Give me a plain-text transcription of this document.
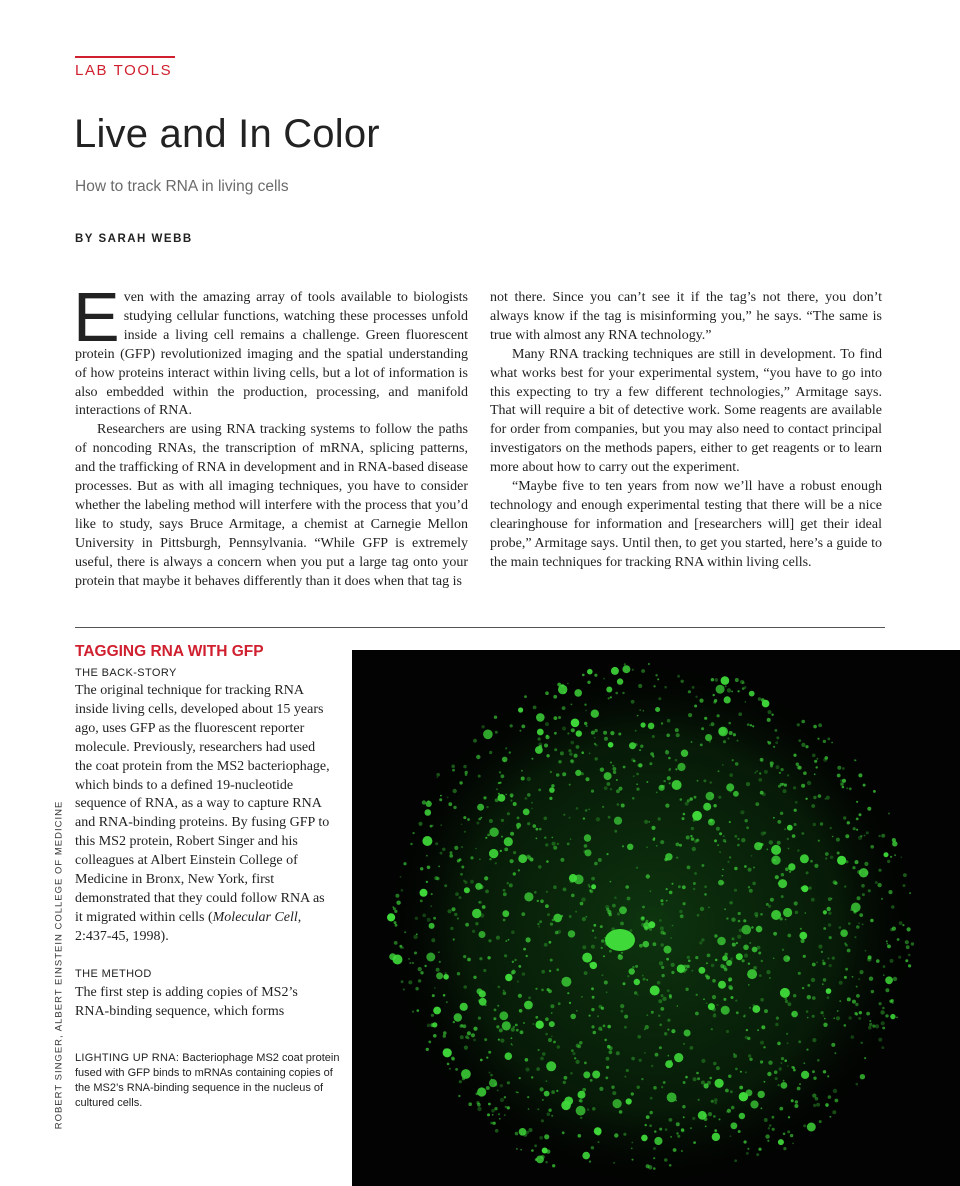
LAB TOOLS
Live and In Color
How to track RNA in living cells
BY SARAH WEBB

Even with the amazing array of tools available to biologists studying cellular functions, watching these processes unfold inside a living cell remains a challenge. Green fluorescent protein (GFP) revolutionized imaging and the spatial understanding of how proteins interact within living cells, but a lot of information is also embedded within the production, processing, and manifold interactions of RNA.

Researchers are using RNA tracking systems to follow the paths of noncoding RNAs, the transcription of mRNA, splicing patterns, and the trafficking of RNA in development and in RNA-based disease processes. But as with all imaging techniques, you have to consider whether the labeling method will interfere with the process that you’d like to study, says Bruce Armitage, a chemist at Carnegie Mellon University in Pittsburgh, Pennsylvania. “While GFP is extremely useful, there is always a concern when you put a large tag onto your protein that maybe it behaves differently than it does when that tag is

not there. Since you can’t see it if the tag’s not there, you don’t always know if the tag is misinforming you,” he says. “The same is true with almost any RNA technology.”

Many RNA tracking techniques are still in development. To find what works best for your experimental system, “you have to go into this expecting to try a few different technologies,” Armitage says. That will require a bit of detective work. Some reagents are available for order from companies, but you may also need to contact principal investigators on the methods papers, either to get reagents or to learn more about how to carry out the experiment.

“Maybe five to ten years from now we’ll have a robust enough technology and enough experimental testing that there will be a nice clearinghouse for information and [researchers will] get their ideal probe,” Armitage says. Until then, to get you started, here’s a guide to the main techniques for tracking RNA within living cells.

TAGGING RNA WITH GFP
THE BACK-STORY

The original technique for tracking RNA inside living cells, developed about 15 years ago, uses GFP as the fluorescent reporter molecule. Previously, researchers had used the coat protein from the MS2 bacteriophage, which binds to a defined 19-nucleotide sequence of RNA, as a way to capture RNA and RNA-binding proteins. By fusing GFP to this MS2 protein, Robert Singer and his colleagues at Albert Einstein College of Medicine in Bronx, New York, first demonstrated that they could follow RNA as it migrated within cells (Molecular Cell, 2:437-45, 1998).

THE METHOD

The first step is adding copies of MS2’s RNA-binding sequence, which forms

LIGHTING UP RNA: Bacteriophage MS2 coat protein fused with GFP binds to mRNAs containing copies of the MS2’s RNA-binding sequence in the nucleus of cultured cells.
ROBERT SINGER, ALBERT EINSTEIN COLLEGE OF MEDICINE
